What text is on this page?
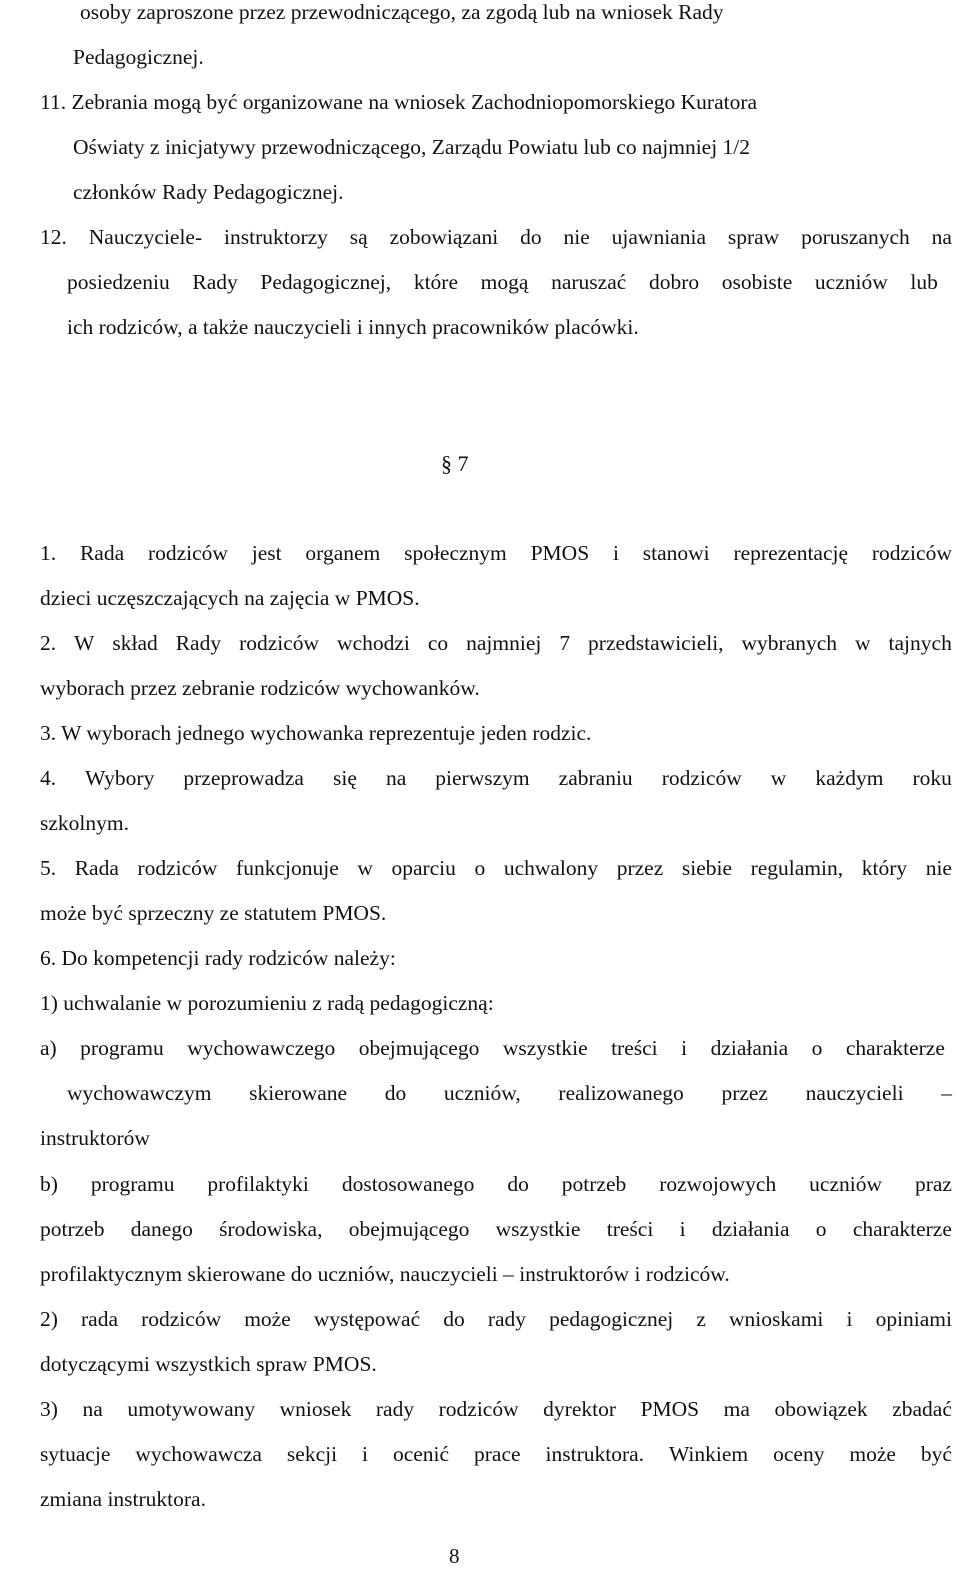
osoby zaproszone przez przewodniczącego, za zgodą lub na wniosek Rady
Pedagogicznej.
11. Zebrania mogą być organizowane na wniosek Zachodniopomorskiego Kuratora
Oświaty z inicjatywy przewodniczącego, Zarządu Powiatu lub co najmniej 1/2
członków Rady Pedagogicznej.
12. Nauczyciele- instruktorzy są zobowiązani do nie ujawniania spraw poruszanych na
posiedzeniu Rady Pedagogicznej, które mogą naruszać dobro osobiste uczniów lub
ich rodziców, a także nauczycieli i innych pracowników placówki.
§ 7
1. Rada rodziców jest organem społecznym PMOS i stanowi reprezentację rodziców
dzieci uczęszczających na zajęcia w PMOS.
2. W skład Rady rodziców wchodzi co najmniej 7 przedstawicieli, wybranych w tajnych
wyborach przez zebranie rodziców wychowanków.
3. W wyborach jednego wychowanka reprezentuje jeden rodzic.
4. Wybory przeprowadza się na pierwszym zabraniu rodziców w każdym roku
szkolnym.
5. Rada rodziców funkcjonuje w oparciu o uchwalony przez siebie regulamin, który nie
może być sprzeczny ze statutem PMOS.
6. Do kompetencji rady rodziców należy:
1) uchwalanie w porozumieniu z radą pedagogiczną:
a) programu wychowawczego obejmującego wszystkie treści i działania o charakterze
wychowawczym skierowane do uczniów, realizowanego przez nauczycieli –
instruktorów
b) programu profilaktyki dostosowanego do potrzeb rozwojowych uczniów praz
potrzeb danego środowiska, obejmującego wszystkie treści i działania o charakterze
profilaktycznym skierowane do uczniów, nauczycieli – instruktorów i rodziców.
2) rada rodziców może występować do rady pedagogicznej z wnioskami i opiniami
dotyczącymi wszystkich spraw PMOS.
3) na umotywowany wniosek rady rodziców dyrektor PMOS ma obowiązek zbadać
sytuacje wychowawcza sekcji i ocenić prace instruktora. Winkiem oceny może być
zmiana instruktora.
8
